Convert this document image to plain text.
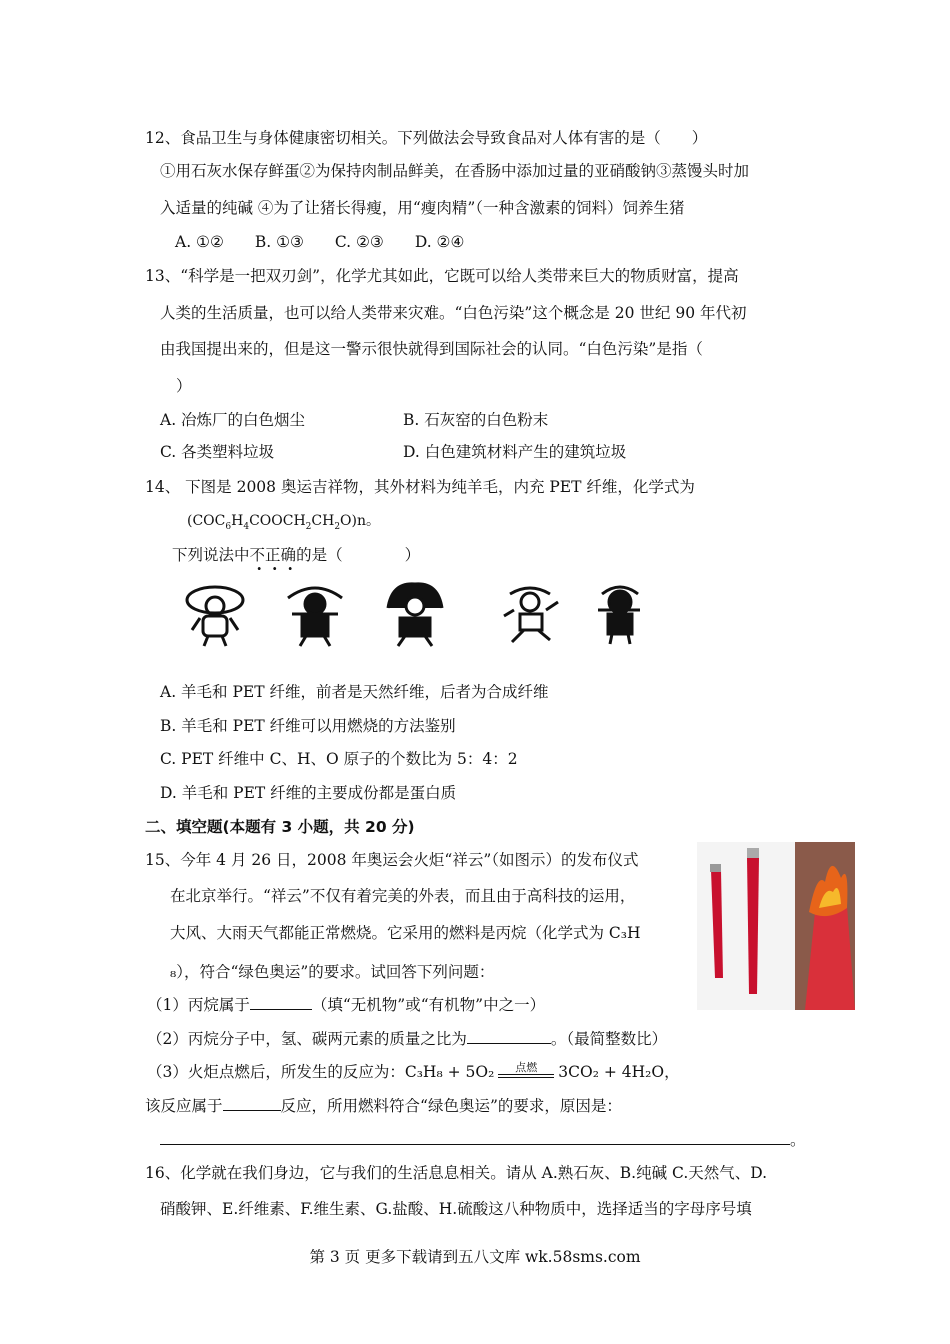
12、食品卫生与身体健康密切相关。下列做法会导致食品对人体有害的是（　　）
①用石灰水保存鲜蛋②为保持肉制品鲜美，在香肠中添加过量的亚硝酸钠③蒸馒头时加
入适量的纯碱 ④为了让猪长得瘦，用“瘦肉精”（一种含激素的饲料）饲养生猪
A. ①②　　B. ①③　　C. ②③　　D. ②④
13、“科学是一把双刃剑”，化学尤其如此，它既可以给人类带来巨大的物质财富，提高
人类的生活质量，也可以给人类带来灾难。“白色污染”这个概念是 20 世纪 90 年代初
由我国提出来的，但是这一警示很快就得到国际社会的认同。“白色污染”是指（
）
A. 冶炼厂的白色烟尘	B. 石灰窑的白色粉末
C. 各类塑料垃圾	D. 白色建筑材料产生的建筑垃圾
14、 下图是 2008 奥运吉祥物，其外材料为纯羊毛，内充 PET 纤维，化学式为
$(COC_6H_4COOCH_2CH_2O)n$。
下列说法中不正确的是（　　　　）
A. 羊毛和 PET 纤维，前者是天然纤维，后者为合成纤维
B. 羊毛和 PET 纤维可以用燃烧的方法鉴别
C. PET 纤维中 C、H、O 原子的个数比为 5：4：2
D. 羊毛和 PET 纤维的主要成份都是蛋白质
二、填空题(本题有 3 小题，共 20 分)
15、今年 4 月 26 日，2008 年奥运会火炬“祥云”（如图示）的发布仪式
在北京举行。“祥云”不仅有着完美的外表，而且由于高科技的运用，
大风、大雨天气都能正常燃烧。它采用的燃料是丙烷（化学式为 C₃H
₈），符合“绿色奥运”的要求。试回答下列问题：
（1）丙烷属于	（填“无机物”或“有机物”中之一）
（2）丙烷分子中，氢、碳两元素的质量之比为	。（最简整数比）
（3）火炬点燃后，所发生的反应为：C₃H₈ + 5O₂ $^{点燃}$ 3CO₂ + 4H₂O，
该反应属于	反应，所用燃料符合“绿色奥运”的要求，原因是：
。
16、化学就在我们身边，它与我们的生活息息相关。请从 A.熟石灰、B.纯碱 C.天然气、D.
硝酸钾、E.纤维素、F.维生素、G.盐酸、H.硫酸这八种物质中，选择适当的字母序号填
第 3 页 更多下载请到五八文库 wk.58sms.com
